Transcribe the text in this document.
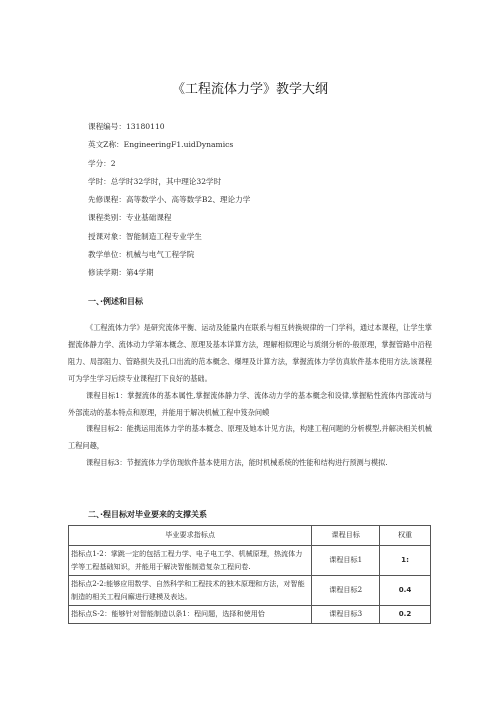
《工程流体力学》教学大纲
课程编号：13180110
英文Z称：EngineeringF1.uidDynamics
学分：2
学时：总学时32学时，其中理论32学时
先修课程：高等数学小、高等数学B2、理论力学
课程类别：专业基础课程
授课对象：智能制造工程专业学生
教学单位：机械与电气工程学院
修读学期：第4学期
一、·例述和目标

《工程流体力学》是研究流体平衡、运动及能量内在联系与相互转换规律的一门学科，通过本课程，让学生掌握流体静力学、流体动力学第本概念、原理及基本详算方法，理解相似理论与质纲分析的-般原理，掌握管路中沿程阻力、局部阻力、管路损失及孔口出流的范本概念、爆埋及计算方法，掌握流体力学仿真软件基本使用方法,该课程可为学生学习后续专业课程打下良好的基础。

课程目标1：掌握流体的基本属性,掌握流体静力学、流体动力学的基本概念和设律,掌握粘性流体内部流动与外部流动的基本特点和原理，并能用于解决机械工程中笈杂问蟆

课程目标2：能携运用流体力学的基本概念、原理及她本计见方法，构建工程问题的分析模型,并解决相关机械工程问趣，

课程目标3：节握流体力学仿现软件基本使用方法，能时机械系统的性能和结构进行预测与模拟.

二、·程目标对毕业要来的支撑关系
毕业要求指标点	课程目标	权重
指标点1-2：掌跳一定的包括工程力学、电子电工学、机械原理，热流体力学等工程基础知识，并能用于解决智能制造复杂工程问卷.	课程目标1	1:
指标点2-2:能够应用数学、自然科学和工程技术的独木原理和方法，对智能制造的相关工程问廨进行建模及表达。	课程目标2	0.4
指标点S-2：能够针对智能制造以条1：程问题，选择和使用恰	课程目标3	0.2
